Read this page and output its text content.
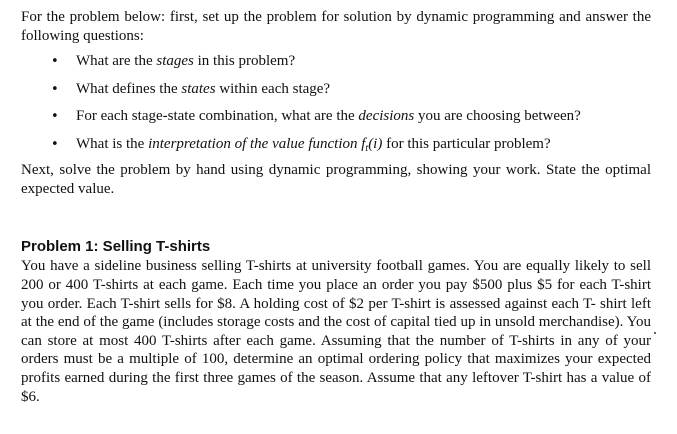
For the problem below: first, set up the problem for solution by dynamic programming and answer the following questions:

• What are the stages in this problem?
• What defines the states within each stage?
• For each stage-state combination, what are the decisions you are choosing between?
• What is the interpretation of the value function $f_t(i)$ for this particular problem?

Next, solve the problem by hand using dynamic programming, showing your work. State the optimal expected value.

Problem 1: Selling T-shirts

You have a sideline business selling T-shirts at university football games. You are equally likely to sell 200 or 400 T-shirts at each game. Each time you place an order you pay $500 plus $5 for each T-shirt you order. Each T-shirt sells for $8. A holding cost of $2 per T-shirt is assessed against each T- shirt left at the end of the game (includes storage costs and the cost of capital tied up in unsold merchandise). You can store at most 400 T-shirts after each game. Assuming that the number of T-shirts in any of your orders must be a multiple of 100, determine an optimal ordering policy that maximizes your expected profits earned during the first three games of the season. Assume that any leftover T-shirt has a value of $6.
